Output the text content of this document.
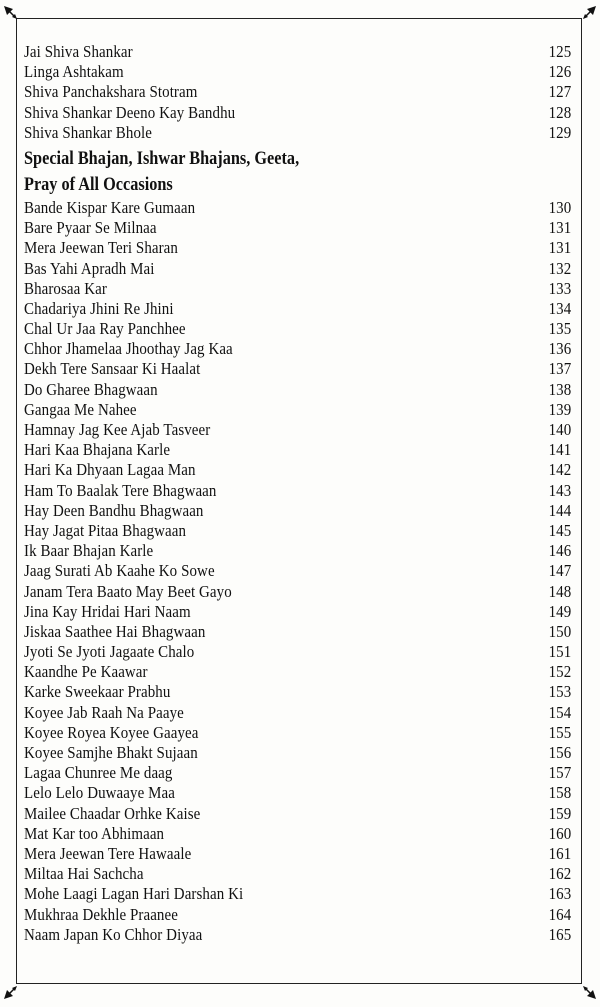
Jai Shiva Shankar	125
Linga Ashtakam	126
Shiva Panchakshara Stotram	127
Shiva Shankar Deeno Kay Bandhu	128
Shiva Shankar Bhole	129
Special Bhajan, Ishwar Bhajans, Geeta,
Pray of All Occasions
Bande Kispar Kare Gumaan	130
Bare Pyaar Se Milnaa	131
Mera Jeewan Teri Sharan	131
Bas Yahi Apradh Mai	132
Bharosaa Kar	133
Chadariya Jhini Re Jhini	134
Chal Ur Jaa Ray Panchhee	135
Chhor Jhamelaa Jhoothay Jag Kaa	136
Dekh Tere Sansaar Ki Haalat	137
Do Gharee Bhagwaan	138
Gangaa Me Nahee	139
Hamnay Jag Kee Ajab Tasveer	140
Hari Kaa Bhajana Karle	141
Hari Ka Dhyaan Lagaa Man	142
Ham To Baalak Tere Bhagwaan	143
Hay Deen Bandhu Bhagwaan	144
Hay Jagat Pitaa Bhagwaan	145
Ik Baar Bhajan Karle	146
Jaag Surati Ab Kaahe Ko Sowe	147
Janam Tera Baato May Beet Gayo	148
Jina Kay Hridai Hari Naam	149
Jiskaa Saathee Hai Bhagwaan	150
Jyoti Se Jyoti Jagaate Chalo	151
Kaandhe Pe Kaawar	152
Karke Sweekaar Prabhu	153
Koyee Jab Raah Na Paaye	154
Koyee Royea Koyee Gaayea	155
Koyee Samjhe Bhakt Sujaan	156
Lagaa Chunree Me daag	157
Lelo Lelo Duwaaye Maa	158
Mailee Chaadar Orhke Kaise	159
Mat Kar too Abhimaan	160
Mera Jeewan Tere Hawaale	161
Miltaa Hai Sachcha	162
Mohe Laagi Lagan Hari Darshan Ki	163
Mukhraa Dekhle Praanee	164
Naam Japan Ko Chhor Diyaa	165
